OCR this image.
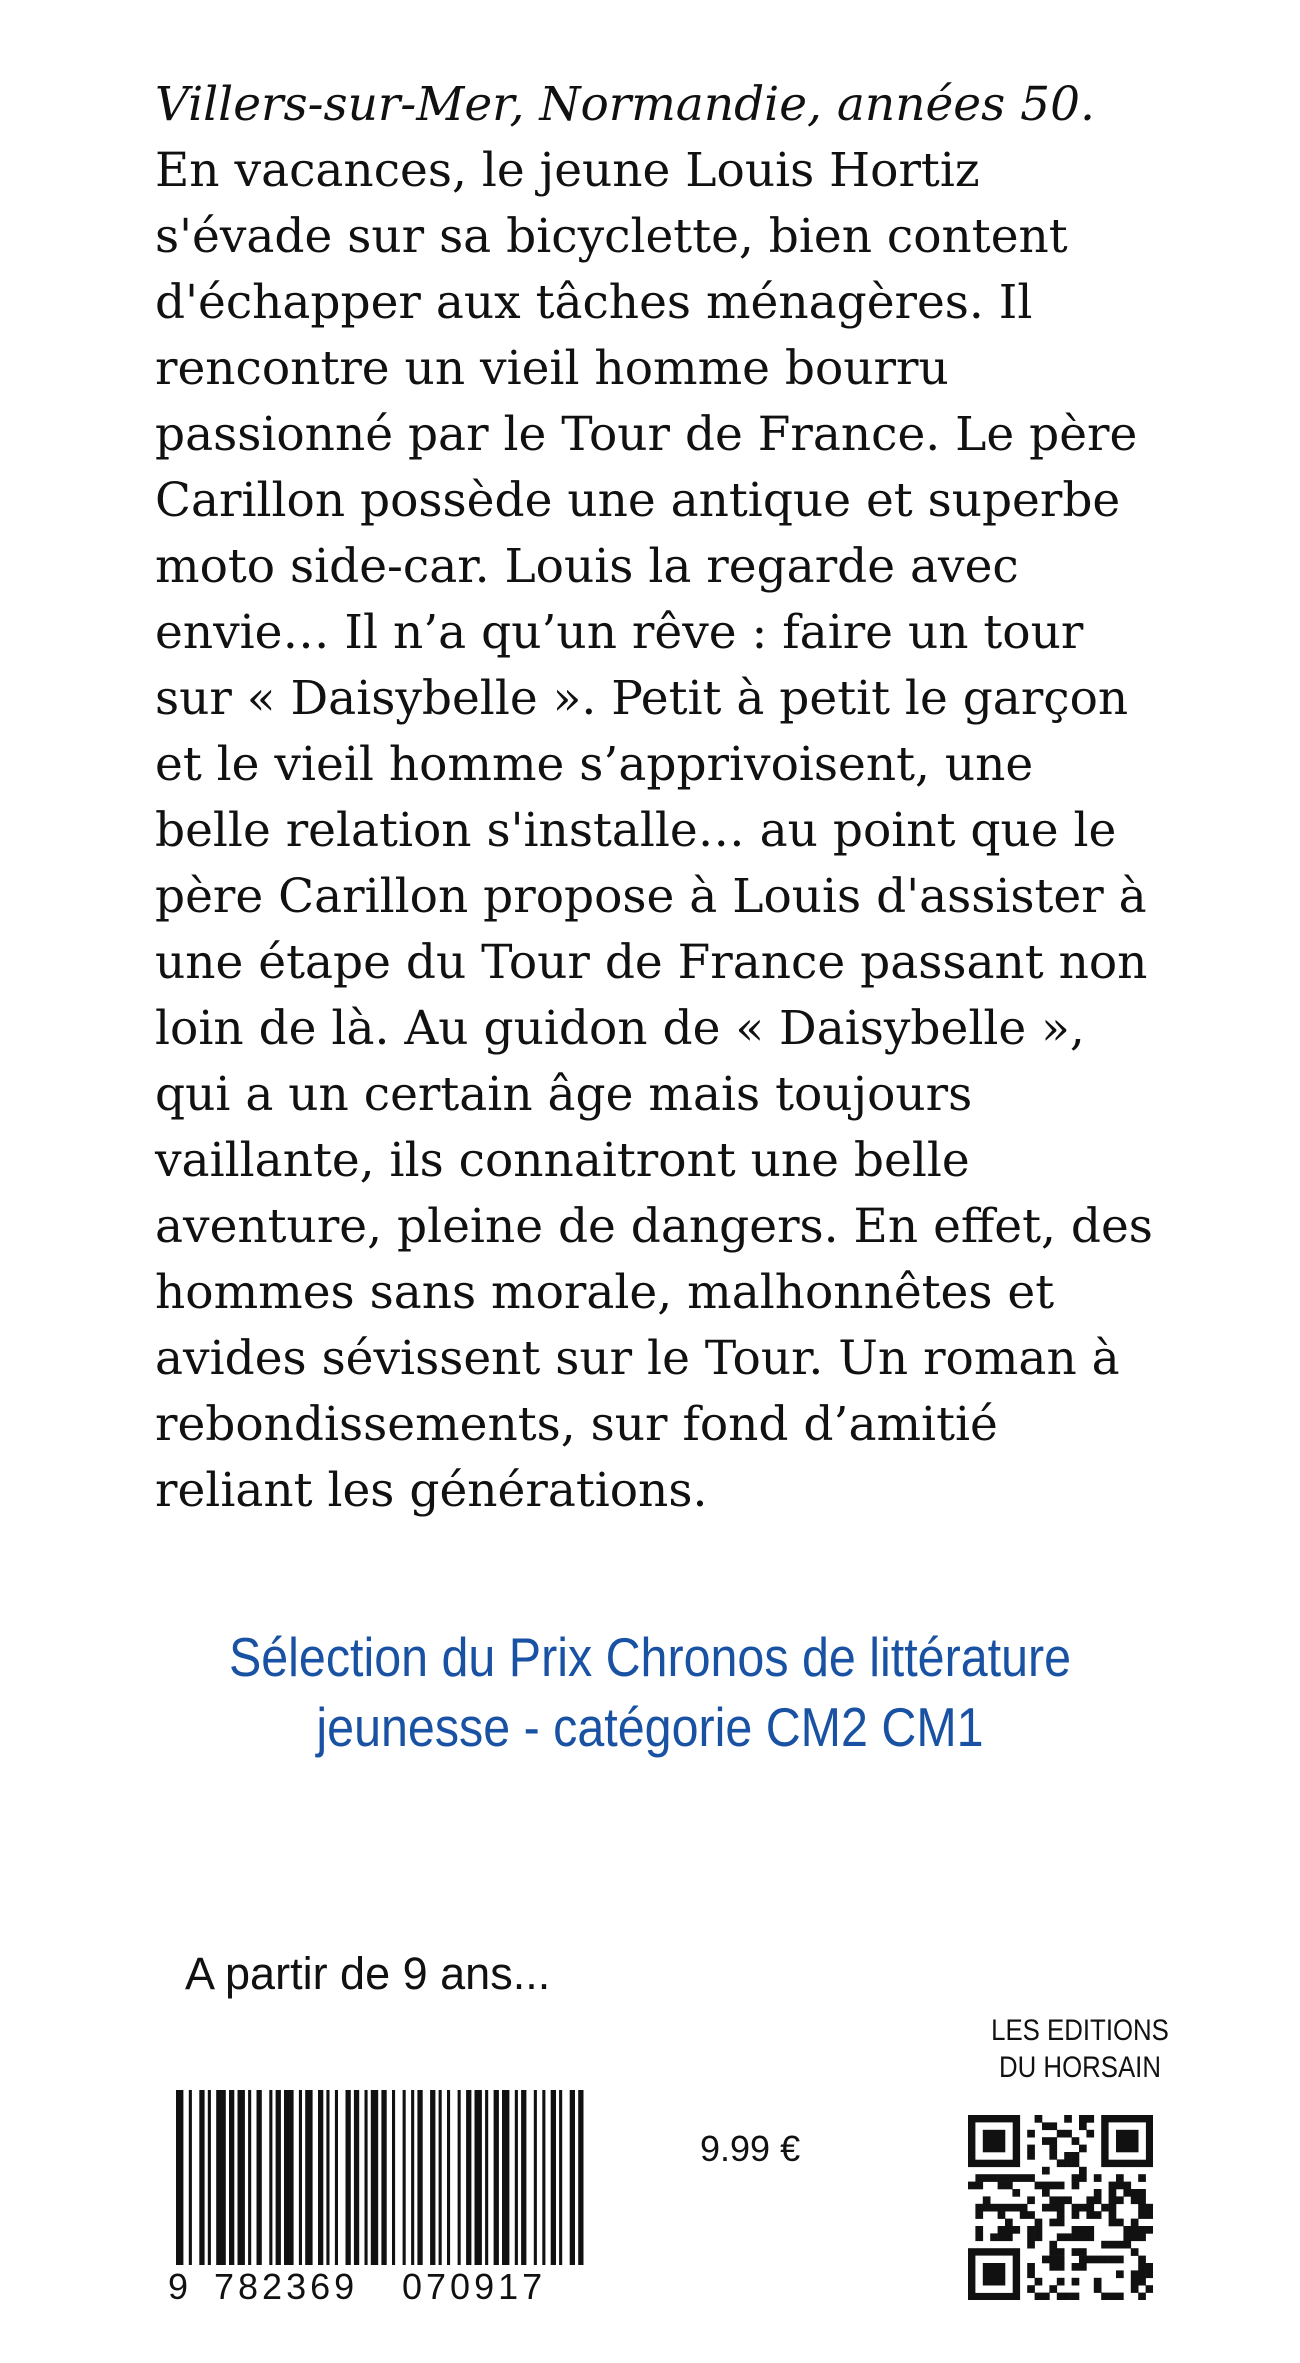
Villers-sur-Mer, Normandie, années 50.
En vacances, le jeune Louis Hortiz
s'évade sur sa bicyclette, bien content
d'échapper aux tâches ménagères. Il
rencontre un vieil homme bourru
passionné par le Tour de France. Le père
Carillon possède une antique et superbe
moto side-car. Louis la regarde avec
envie… Il n’a qu’un rêve : faire un tour
sur « Daisybelle ». Petit à petit le garçon
et le vieil homme s’apprivoisent, une
belle relation s'installe… au point que le
père Carillon propose à Louis d'assister à
une étape du Tour de France passant non
loin de là. Au guidon de « Daisybelle »,
qui a un certain âge mais toujours
vaillante, ils connaitront une belle
aventure, pleine de dangers. En effet, des
hommes sans morale, malhonnêtes et
avides sévissent sur le Tour. Un roman à
rebondissements, sur fond d’amitié
reliant les générations.
Sélection du Prix Chronos de littérature
jeunesse - catégorie CM2 CM1
A partir de 9 ans...
LES EDITIONS
DU HORSAIN
9 782369 070917
9.99 €
